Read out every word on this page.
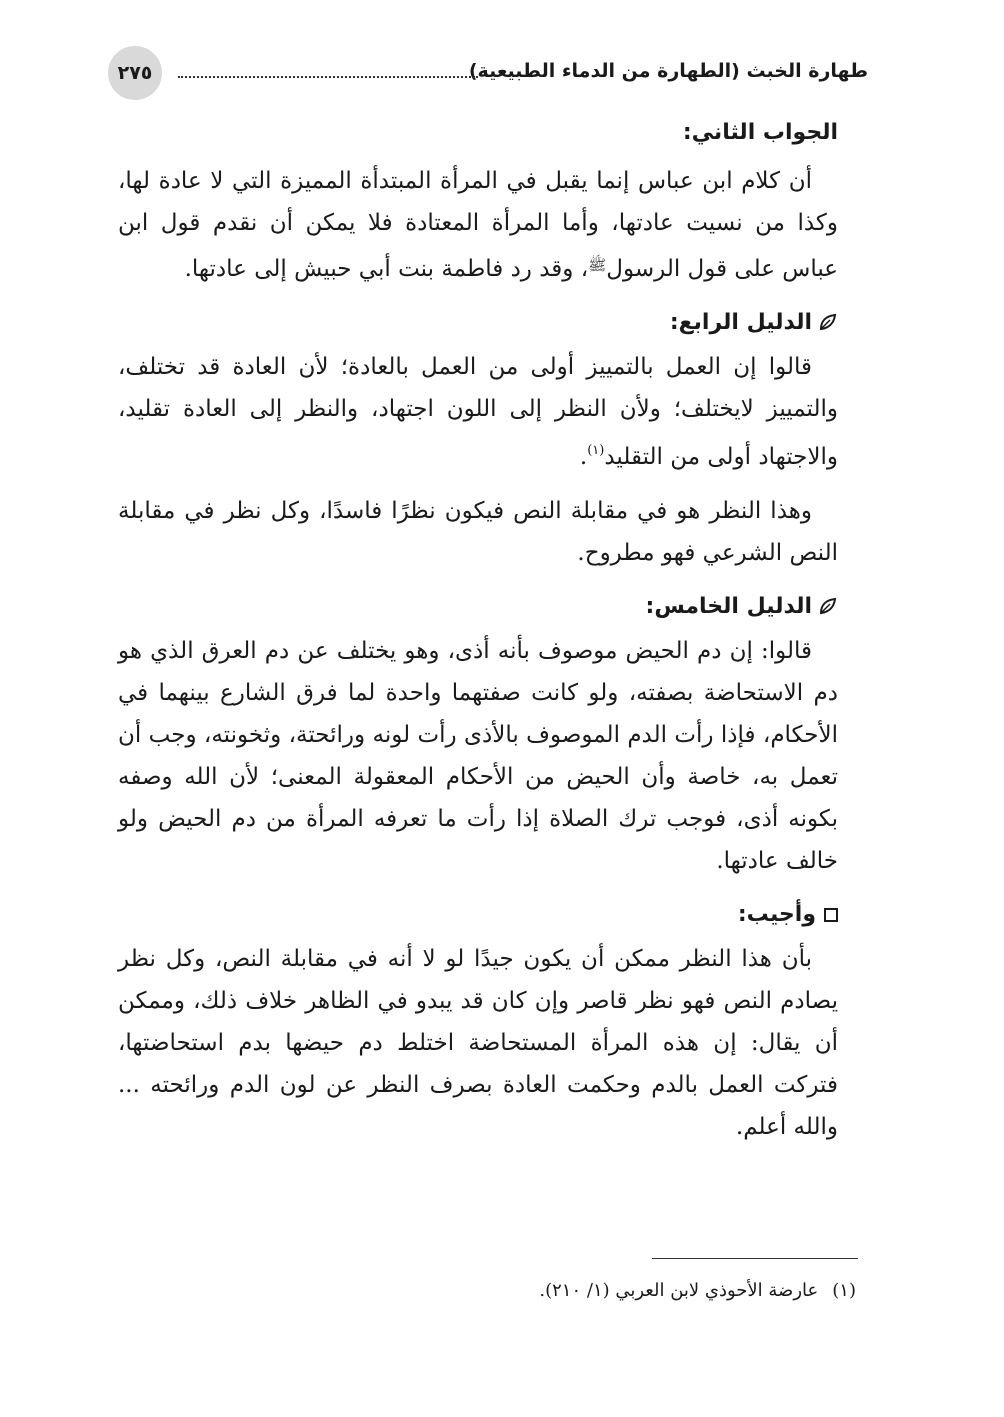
طهارة الخبث (الطهارة من الدماء الطبيعية)
٢٧٥

الجواب الثاني:

أن كلام ابن عباس إنما يقبل في المرأة المبتدأة المميزة التي لا عادة لها، وكذا من نسيت عادتها، وأما المرأة المعتادة فلا يمكن أن نقدم قول ابن عباس على قول الرسول$^ﷺ$، وقد رد فاطمة بنت أبي حبيش إلى عادتها.

الدليل الرابع:

قالوا إن العمل بالتمييز أولى من العمل بالعادة؛ لأن العادة قد تختلف، والتمييز لايختلف؛ ولأن النظر إلى اللون اجتهاد، والنظر إلى العادة تقليد، والاجتهاد أولى من التقليد$^{(١)}$.

وهذا النظر هو في مقابلة النص فيكون نظرًا فاسدًا، وكل نظر في مقابلة النص الشرعي فهو مطروح.

الدليل الخامس:

قالوا: إن دم الحيض موصوف بأنه أذى، وهو يختلف عن دم العرق الذي هو دم الاستحاضة بصفته، ولو كانت صفتهما واحدة لما فرق الشارع بينهما في الأحكام، فإذا رأت الدم الموصوف بالأذى رأت لونه ورائحتة، وثخونته، وجب أن تعمل به، خاصة وأن الحيض من الأحكام المعقولة المعنى؛ لأن الله وصفه بكونه أذى، فوجب ترك الصلاة إذا رأت ما تعرفه المرأة من دم الحيض ولو خالف عادتها.

وأجيب:

بأن هذا النظر ممكن أن يكون جيدًا لو لا أنه في مقابلة النص، وكل نظر يصادم النص فهو نظر قاصر وإن كان قد يبدو في الظاهر خلاف ذلك، وممكن أن يقال: إن هذه المرأة المستحاضة اختلط دم حيضها بدم استحاضتها، فتركت العمل بالدم وحكمت العادة بصرف النظر عن لون الدم ورائحته ... والله أعلم.

(١)عارضة الأحوذي لابن العربي (١/ ٢١٠).
